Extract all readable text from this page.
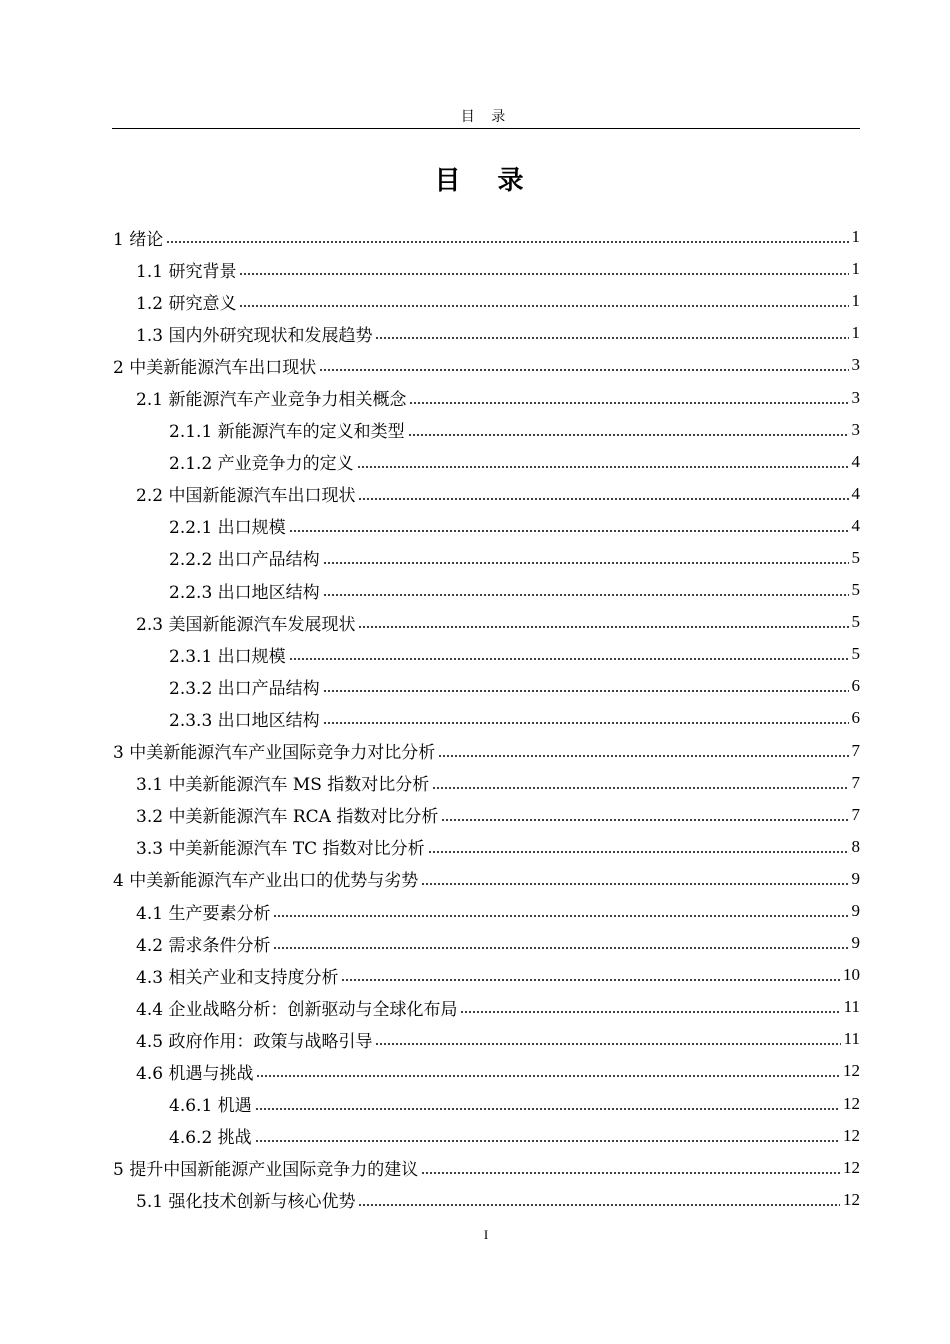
目 录
目 录
1 绪论	1
1.1 研究背景	1
1.2 研究意义	1
1.3 国内外研究现状和发展趋势	1
2 中美新能源汽车出口现状	3
2.1 新能源汽车产业竞争力相关概念	3
2.1.1 新能源汽车的定义和类型	3
2.1.2 产业竞争力的定义	4
2.2 中国新能源汽车出口现状	4
2.2.1 出口规模	4
2.2.2 出口产品结构	5
2.2.3 出口地区结构	5
2.3 美国新能源汽车发展现状	5
2.3.1 出口规模	5
2.3.2 出口产品结构	6
2.3.3 出口地区结构	6
3 中美新能源汽车产业国际竞争力对比分析	7
3.1 中美新能源汽车 MS 指数对比分析	7
3.2 中美新能源汽车 RCA 指数对比分析	7
3.3 中美新能源汽车 TC 指数对比分析	8
4 中美新能源汽车产业出口的优势与劣势	9
4.1 生产要素分析	9
4.2 需求条件分析	9
4.3 相关产业和支持度分析	10
4.4 企业战略分析：创新驱动与全球化布局	11
4.5 政府作用：政策与战略引导	11
4.6 机遇与挑战	12
4.6.1 机遇	12
4.6.2 挑战	12
5 提升中国新能源产业国际竞争力的建议	12
5.1 强化技术创新与核心优势	12
I
